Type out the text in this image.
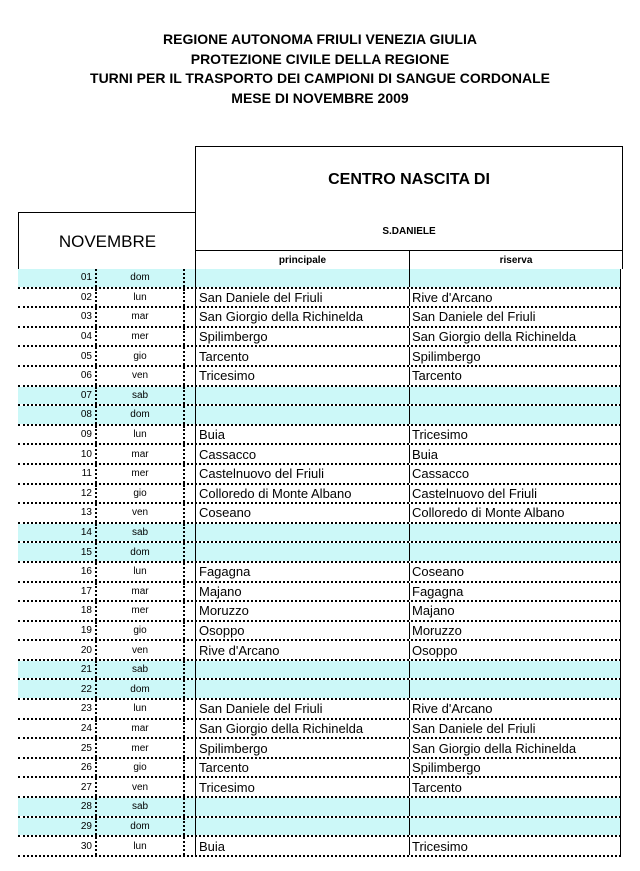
REGIONE AUTONOMA FRIULI VENEZIA GIULIA
PROTEZIONE CIVILE DELLA REGIONE
TURNI PER IL TRASPORTO DEI CAMPIONI DI SANGUE CORDONALE
MESE DI NOVEMBRE 2009
NOVEMBRE
CENTRO NASCITA DI
S.DANIELE
principale	riserva
01	dom
02	lun	San Daniele del Friuli	Rive d'Arcano
03	mar	San Giorgio della Richinelda	San Daniele del Friuli
04	mer	Spilimbergo	San Giorgio della Richinelda
05	gio	Tarcento	Spilimbergo
06	ven	Tricesimo	Tarcento
07	sab
08	dom
09	lun	Buia	Tricesimo
10	mar	Cassacco	Buia
11	mer	Castelnuovo del Friuli	Cassacco
12	gio	Colloredo di Monte Albano	Castelnuovo del Friuli
13	ven	Coseano	Colloredo di Monte Albano
14	sab
15	dom
16	lun	Fagagna	Coseano
17	mar	Majano	Fagagna
18	mer	Moruzzo	Majano
19	gio	Osoppo	Moruzzo
20	ven	Rive d'Arcano	Osoppo
21	sab
22	dom
23	lun	San Daniele del Friuli	Rive d'Arcano
24	mar	San Giorgio della Richinelda	San Daniele del Friuli
25	mer	Spilimbergo	San Giorgio della Richinelda
26	gio	Tarcento	Spilimbergo
27	ven	Tricesimo	Tarcento
28	sab
29	dom
30	lun	Buia	Tricesimo
